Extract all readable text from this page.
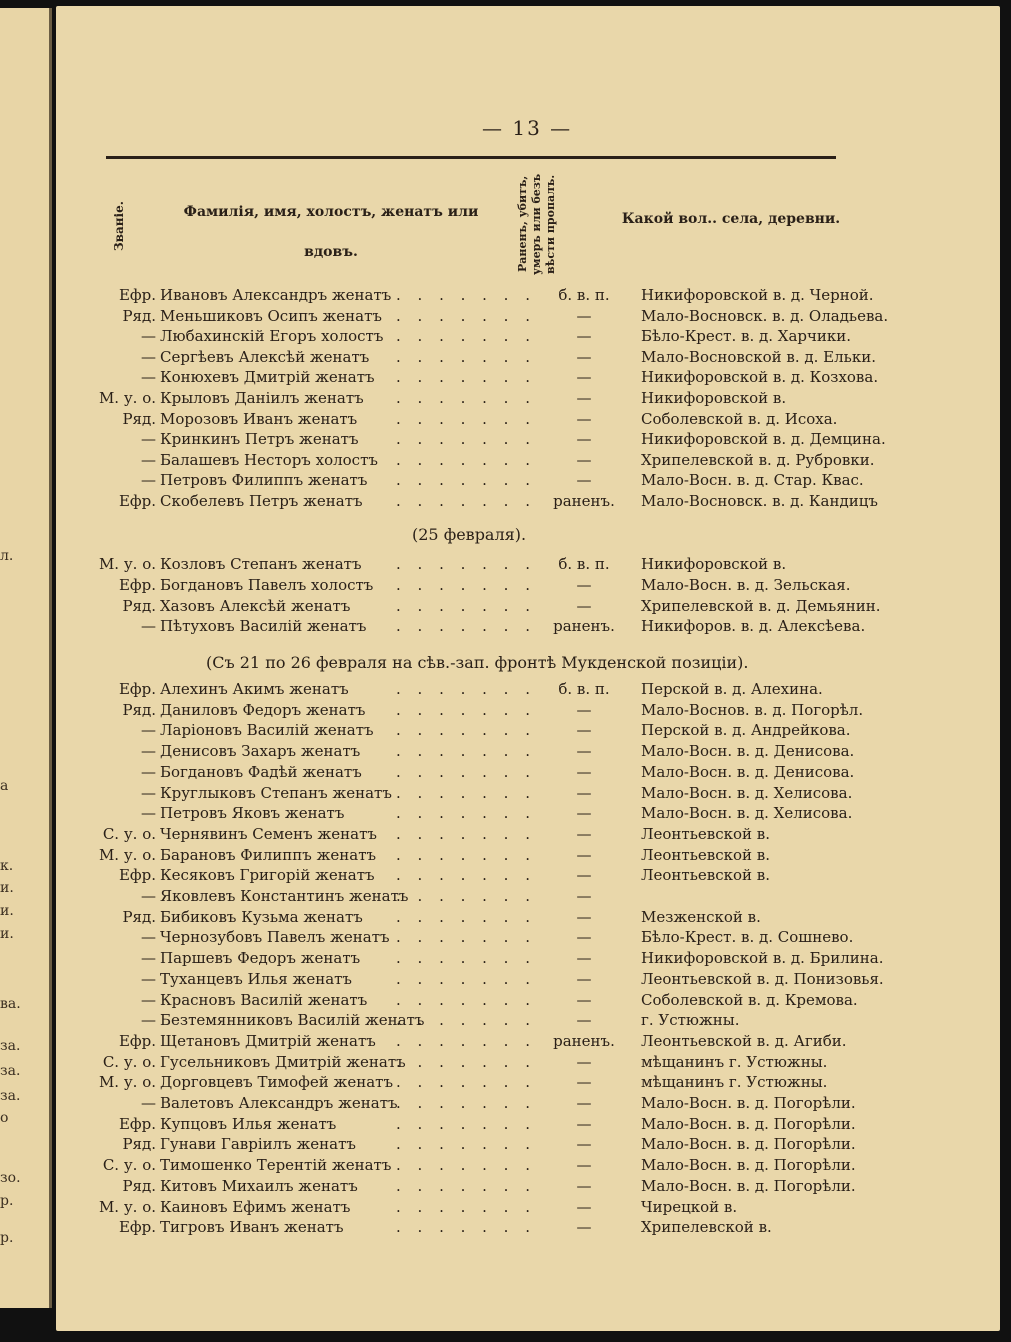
л.
а
к.
и.
и.
и.
ва.
за.
за.
за.
о
зо.
р.
р.
— 13 —
Званіе.	Фамилія, имя, холостъ, женатъ или вдовъ.	Раненъ, убитъ, умеръ или безъ вѣсти пропалъ.	Какой вол.. села, деревни.
Ефр. Ивановъ Александръ женатъ	б. в. п.	Никифоровской в. д. Черной.
. . . . . . .
Ряд. Меньшиковъ Осипъ женатъ	—	Мало-Восновск. в. д. Оладьева.
. . . . . . .
— Любахинскій Егоръ холостъ	—	Бѣло-Крест. в. д. Харчики.
. . . . . . .
— Сергѣевъ Алексѣй женатъ	—	Мало-Восновской в. д. Ельки.
. . . . . . .
— Конюхевъ Дмитрій женатъ	—	Никифоровской в. д. Козхова.
. . . . . . .
М. у. о. Крыловъ Даніилъ женатъ	—	Никифоровской в.
. . . . . . .
Ряд. Морозовъ Иванъ женатъ	—	Соболевской в. д. Исоха.
. . . . . . .
— Кринкинъ Петръ женатъ	—	Никифоровской в. д. Демцина.
. . . . . . .
— Балашевъ Несторъ холостъ	—	Хрипелевской в. д. Рубровки.
. . . . . . .
— Петровъ Филиппъ женатъ	—	Мало-Восн. в. д. Стар. Квас.
. . . . . . .
Ефр. Скобелевъ Петръ женатъ	раненъ.	Мало-Восновск. в. д. Кандицъ
. . . . . . .
(25 февраля).
М. у. о. Козловъ Степанъ женатъ	б. в. п.	Никифоровской в.
. . . . . . .
Ефр. Богдановъ Павелъ холостъ	—	Мало-Восн. в. д. Зельская.
. . . . . . .
Ряд. Хазовъ Алексѣй женатъ	—	Хрипелевской в. д. Демьянин.
. . . . . . .
— Пѣтуховъ Василій женатъ	раненъ.	Никифоров. в. д. Алексѣева.
. . . . . . .
(Съ 21 по 26 февраля на сѣв.-зап. фронтѣ Мукденской позиціи).
Ефр. Алехинъ Акимъ женатъ	б. в. п.	Перской в. д. Алехина.
. . . . . . .
Ряд. Даниловъ Федоръ женатъ	—	Мало-Воснов. в. д. Погорѣл.
. . . . . . .
— Ларіоновъ Василій женатъ	—	Перской в. д. Андрейкова.
. . . . . . .
— Денисовъ Захаръ женатъ	—	Мало-Восн. в. д. Денисова.
. . . . . . .
— Богдановъ Фадѣй женатъ	—	Мало-Восн. в. д. Денисова.
. . . . . . .
— Круглыковъ Степанъ женатъ	—	Мало-Восн. в. д. Хелисова.
. . . . . . .
— Петровъ Яковъ женатъ	—	Мало-Восн. в. д. Хелисова.
. . . . . . .
С. у. о. Чернявинъ Семенъ женатъ	—	Леонтьевской в.
. . . . . . .
М. у. о. Барановъ Филиппъ женатъ	—	Леонтьевской в.
. . . . . . .
Ефр. Кесяковъ Григорій женатъ	—	Леонтьевской в.
. . . . . . .
— Яковлевъ Константинъ женатъ	—
. . . . . . .
Ряд. Бибиковъ Кузьма женатъ	—	Мезженской в.
. . . . . . .
— Чернозубовъ Павелъ женатъ	—	Бѣло-Крест. в. д. Сошнево.
. . . . . . .
— Паршевъ Федоръ женатъ	—	Никифоровской в. д. Брилина.
. . . . . . .
— Туханцевъ Илья женатъ	—	Леонтьевской в. д. Понизовья.
. . . . . . .
— Красновъ Василій женатъ	—	Соболевской в. д. Кремова.
. . . . . . .
— Безтемянниковъ Василій женатъ	—	г. Устюжны.
. . . . . . .
Ефр. Щетановъ Дмитрій женатъ	раненъ.	Леонтьевской в. д. Агиби.
. . . . . . .
С. у. о. Гусельниковъ Дмитрій женатъ	—	мѣщанинъ г. Устюжны.
. . . . . . .
М. у. о. Дорговцевъ Тимофей женатъ	—	мѣщанинъ г. Устюжны.
. . . . . . .
— Валетовъ Александръ женатъ	—	Мало-Восн. в. д. Погорѣли.
. . . . . . .
Ефр. Купцовъ Илья женатъ	—	Мало-Восн. в. д. Погорѣли.
. . . . . . .
Ряд. Гунави Гавріилъ женатъ	—	Мало-Восн. в. д. Погорѣли.
. . . . . . .
С. у. о. Тимошенко Терентій женатъ	—	Мало-Восн. в. д. Погорѣли.
. . . . . . .
Ряд. Китовъ Михаилъ женатъ	—	Мало-Восн. в. д. Погорѣли.
. . . . . . .
М. у. о. Каиновъ Ефимъ женатъ	—	Чирецкой в.
. . . . . . .
Ефр. Тигровъ Иванъ женатъ	—	Хрипелевской в.
. . . . . . .
